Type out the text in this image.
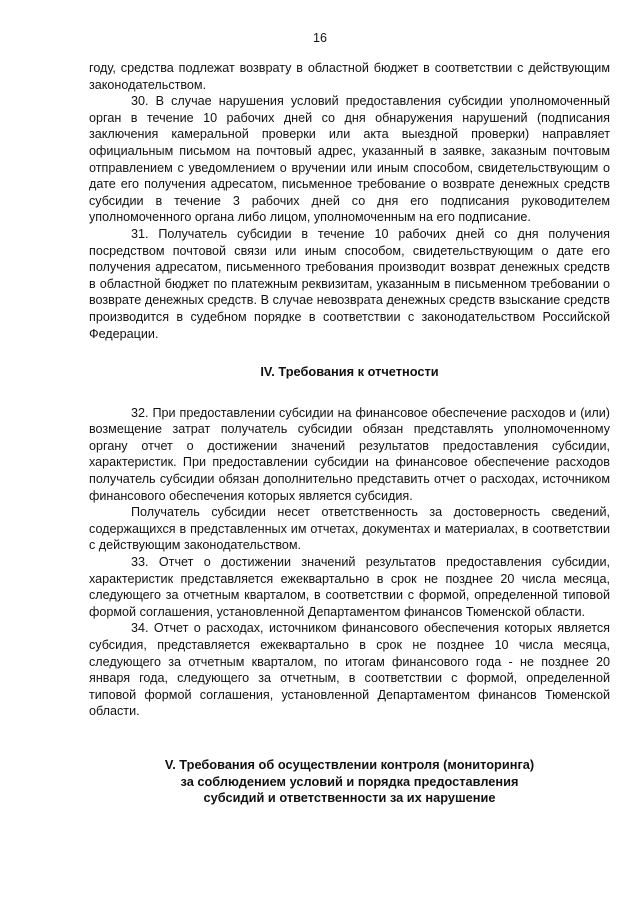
16

году, средства подлежат возврату в областной бюджет в соответствии с действующим законодательством.

30. В случае нарушения условий предоставления субсидии уполномоченный орган в течение 10 рабочих дней со дня обнаружения нарушений (подписания заключения камеральной проверки или акта выездной проверки) направляет официальным письмом на почтовый адрес, указанный в заявке, заказным почтовым отправлением с уведомлением о вручении или иным способом, свидетельствующим о дате его получения адресатом, письменное требование о возврате денежных средств субсидии в течение 3 рабочих дней со дня его подписания руководителем уполномоченного органа либо лицом, уполномоченным на его подписание.

31. Получатель субсидии в течение 10 рабочих дней со дня получения посредством почтовой связи или иным способом, свидетельствующим о дате его получения адресатом, письменного требования производит возврат денежных средств в областной бюджет по платежным реквизитам, указанным в письменном требовании о возврате денежных средств. В случае невозврата денежных средств взыскание средств производится в судебном порядке в соответствии с законодательством Российской Федерации.

IV. Требования к отчетности

32. При предоставлении субсидии на финансовое обеспечение расходов и (или) возмещение затрат получатель субсидии обязан представлять уполномоченному органу отчет о достижении значений результатов предоставления субсидии, характеристик. При предоставлении субсидии на финансовое обеспечение расходов получатель субсидии обязан дополнительно представить отчет о расходах, источником финансового обеспечения которых является субсидия.

Получатель субсидии несет ответственность за достоверность сведений, содержащихся в представленных им отчетах, документах и материалах, в соответствии с действующим законодательством.

33. Отчет о достижении значений результатов предоставления субсидии, характеристик представляется ежеквартально в срок не позднее 20 числа месяца, следующего за отчетным кварталом, в соответствии с формой, определенной типовой формой соглашения, установленной Департаментом финансов Тюменской области.

34. Отчет о расходах, источником финансового обеспечения которых является субсидия, представляется ежеквартально в срок не позднее 10 числа месяца, следующего за отчетным кварталом, по итогам финансового года - не позднее 20 января года, следующего за отчетным, в соответствии с формой, определенной типовой формой соглашения, установленной Департаментом финансов Тюменской области.

V. Требования об осуществлении контроля (мониторинга)
за соблюдением условий и порядка предоставления
субсидий и ответственности за их нарушение
